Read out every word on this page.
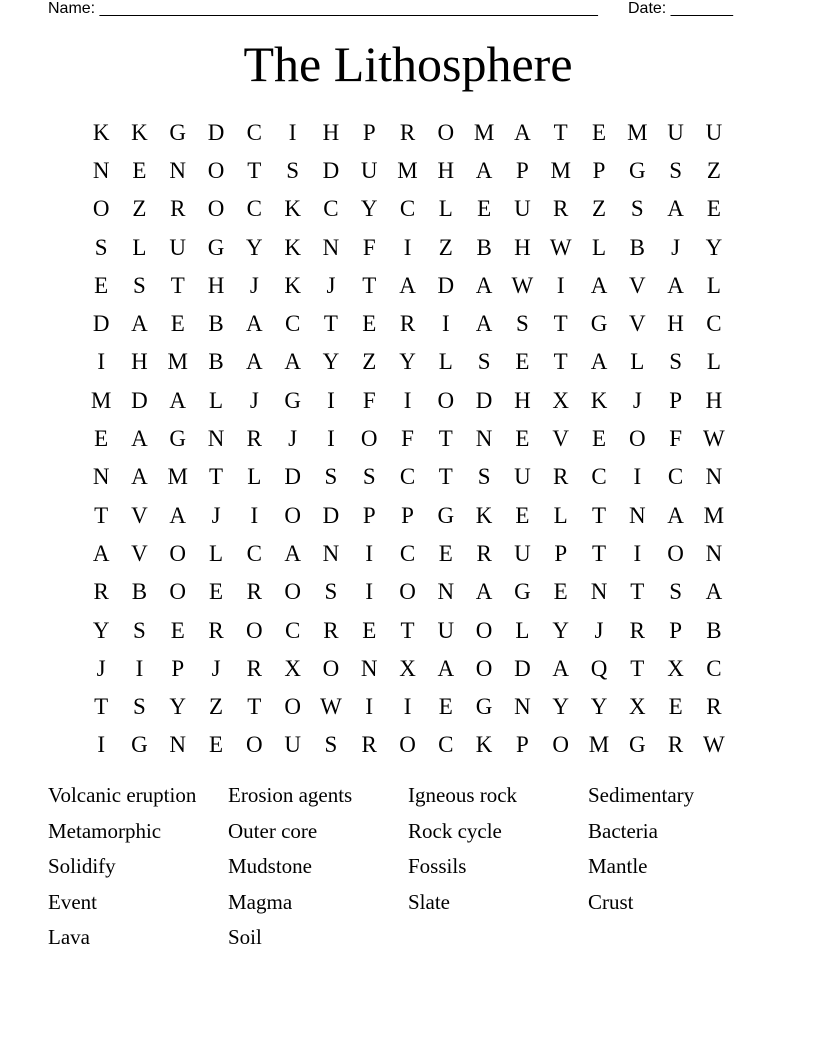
Name: ________________________________________________________ Date: _______
The Lithosphere
K K G D C	I	H	P	R O M A T	E M U U
N E N O T	S	D U M H A	P M P	G	S	Z
O Z	R O C K C Y C	L	E U R	Z	S	A E
S	L U G Y K N	F	I	Z	B H W L	B	J	Y
E	S	T H	J	K	J	T A D A W	I	A V A L
D A E	B A C	T	E	R	I	A	S	T G V H C
I	H M B A A Y Z Y L	S	E	T A L	S	L
M D A L	J	G	I	F	I	O D H X K	J	P	H
E A G N R	J	I	O	F	T N E V E O	F W
N A M T	L D	S	S	C	T	S	U R C	I	C N
T V A	J	I	O D	P	P	G K E	L	T N A M
A V O L	C A N	I	C	E	R U	P	T	I	O N
R B O E	R O	S	I	O N A G E N T	S	A
Y	S	E	R O C R	E	T U O L Y	J	R	P	B
J	I	P	J	R X O N X A O D A Q T X C
T	S	Y Z	T O W	I	I	E G N Y Y X E	R
I	G N E O U	S	R O C K	P	O M G R W
Volcanic eruption	Erosion agents	Igneous rock	Sedimentary
Metamorphic	Outer core	Rock cycle	Bacteria
Solidify	Mudstone	Fossils	Mantle
Event	Magma	Slate	Crust
Lava	Soil
